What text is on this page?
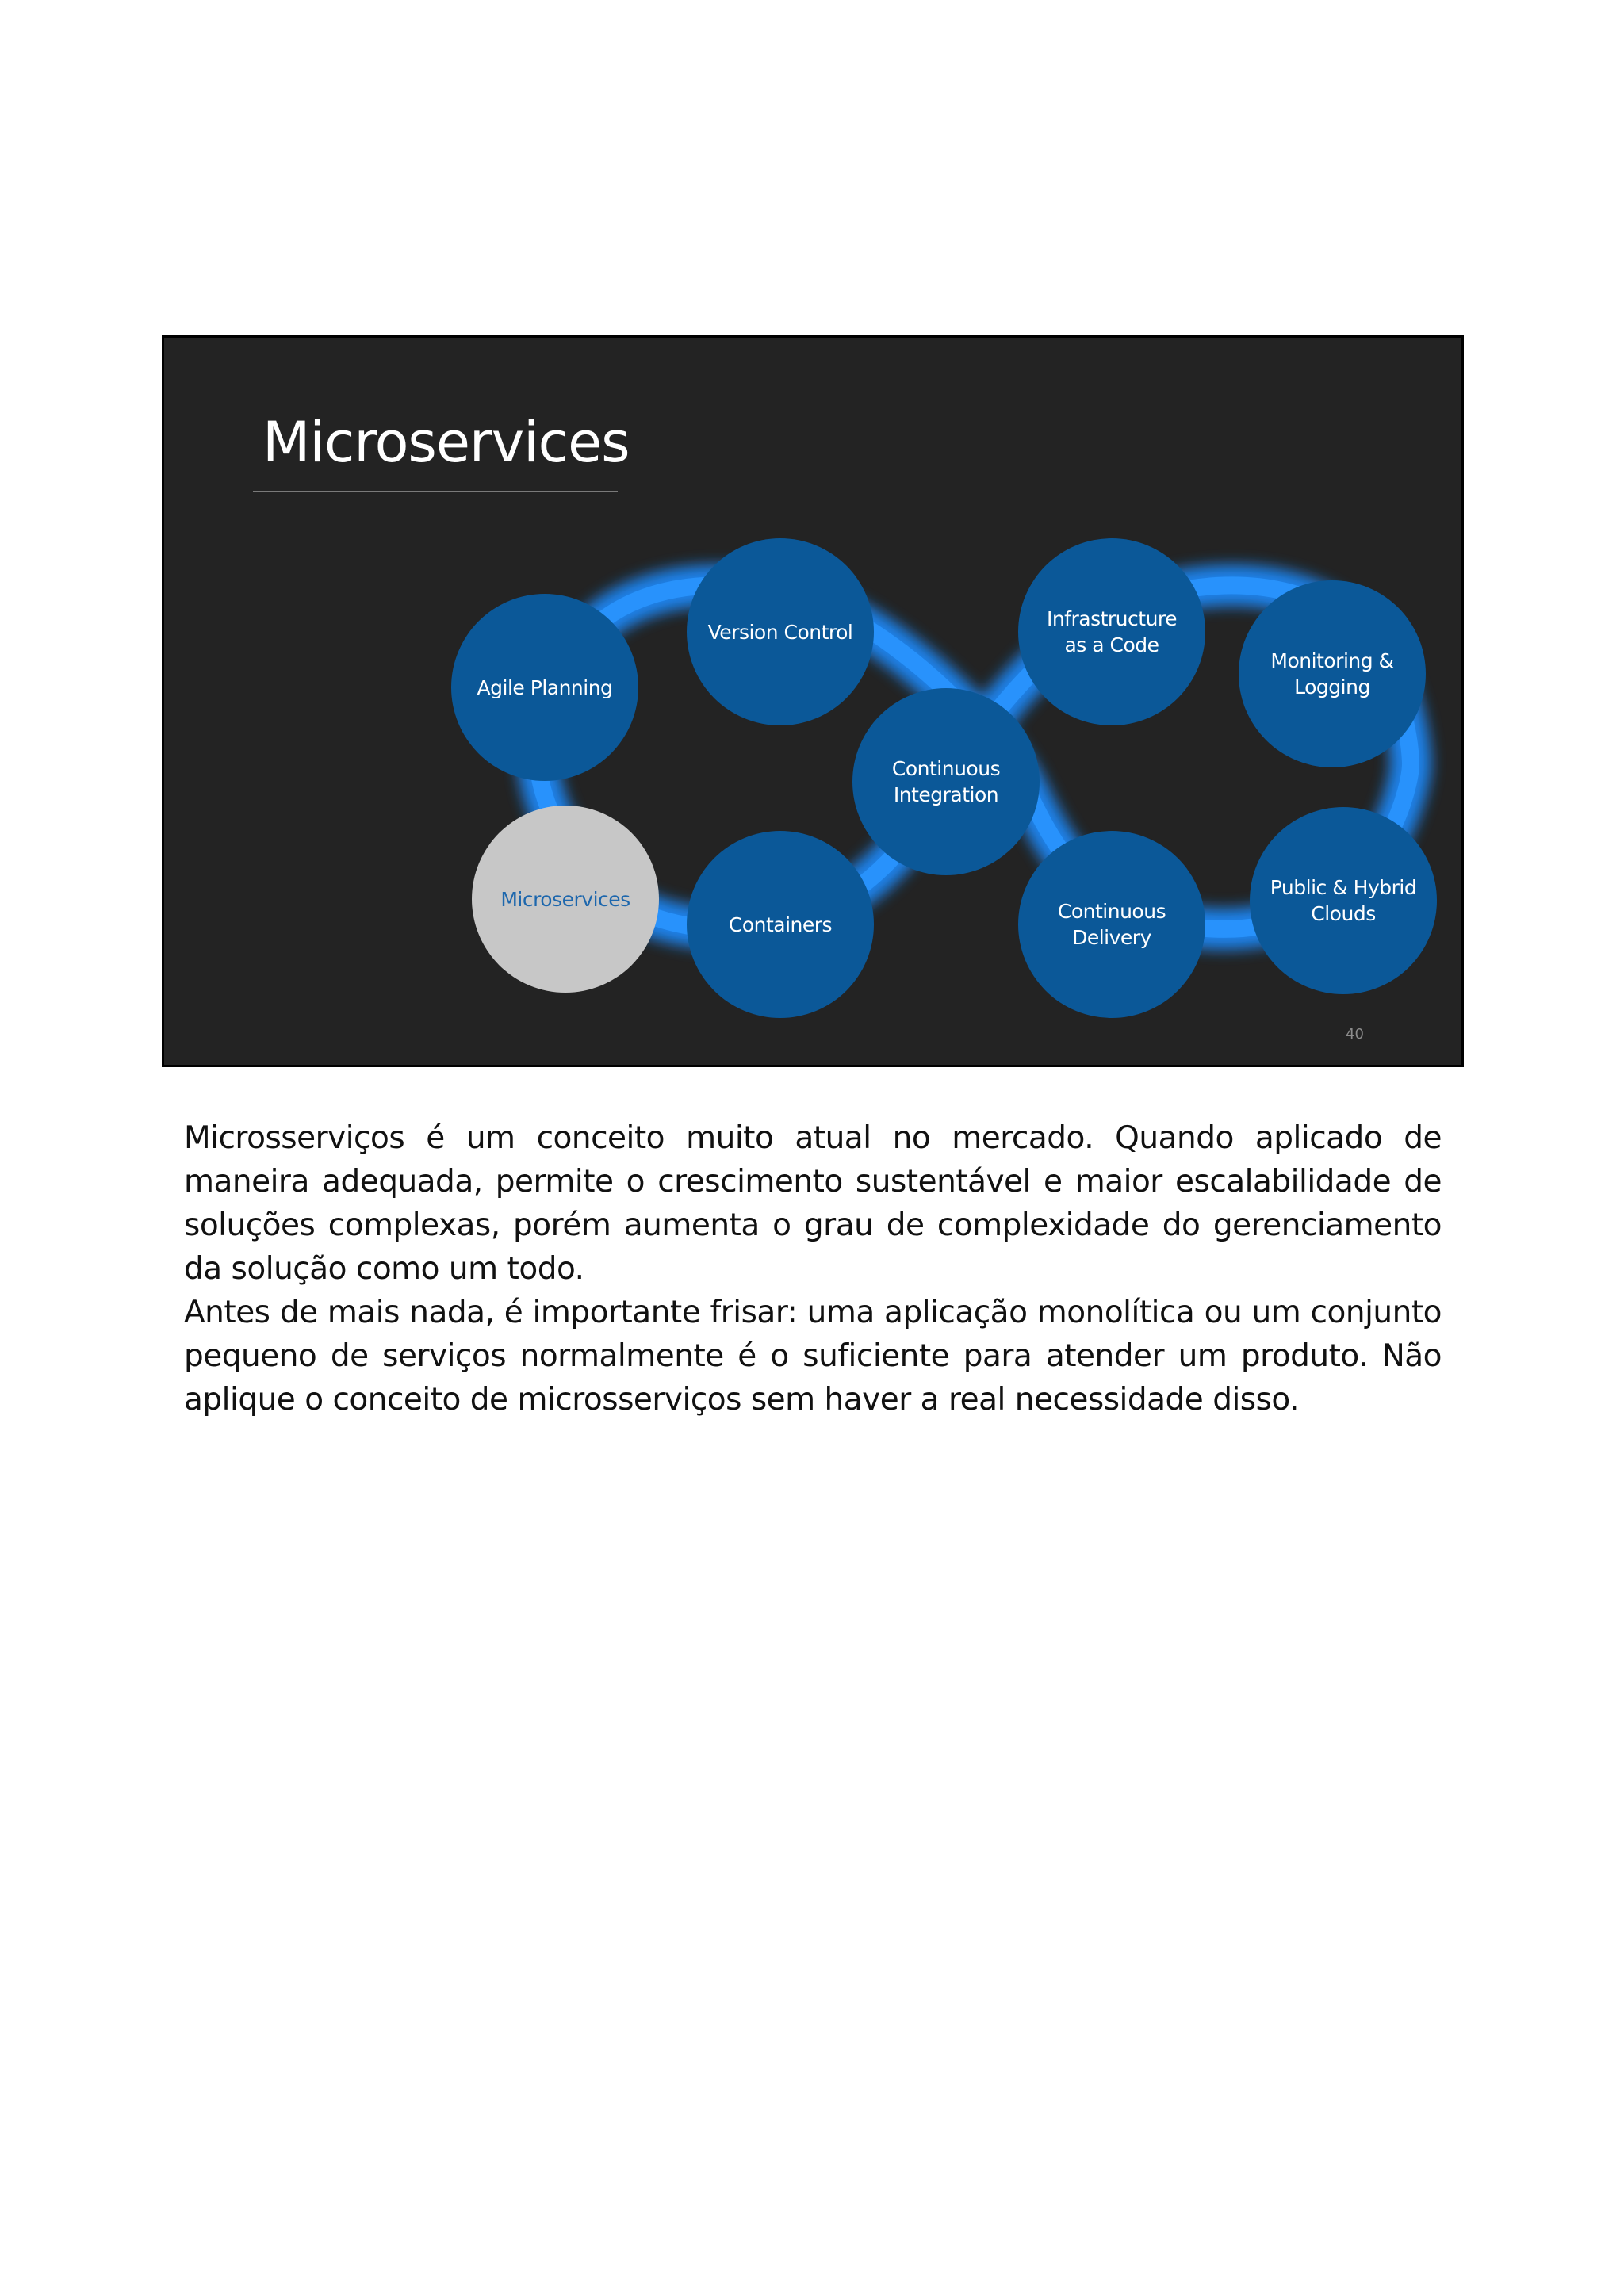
Microservices
Agile Planning
Version Control
Continuous
Integration
Infrastructure
as a Code
Monitoring &
Logging
Microservices
Containers
Continuous
Delivery
Public & Hybrid
Clouds
40

Microsserviços é um conceito muito atual no mercado. Quando aplicado de maneira adequada, permite o crescimento sustentável e maior escalabilidade de soluções complexas, porém aumenta o grau de complexidade do gerenciamento da solução como um todo.

Antes de mais nada, é importante frisar: uma aplicação monolítica ou um conjunto pequeno de serviços normalmente é o suficiente para atender um produto. Não aplique o conceito de microsserviços sem haver a real necessidade disso.
